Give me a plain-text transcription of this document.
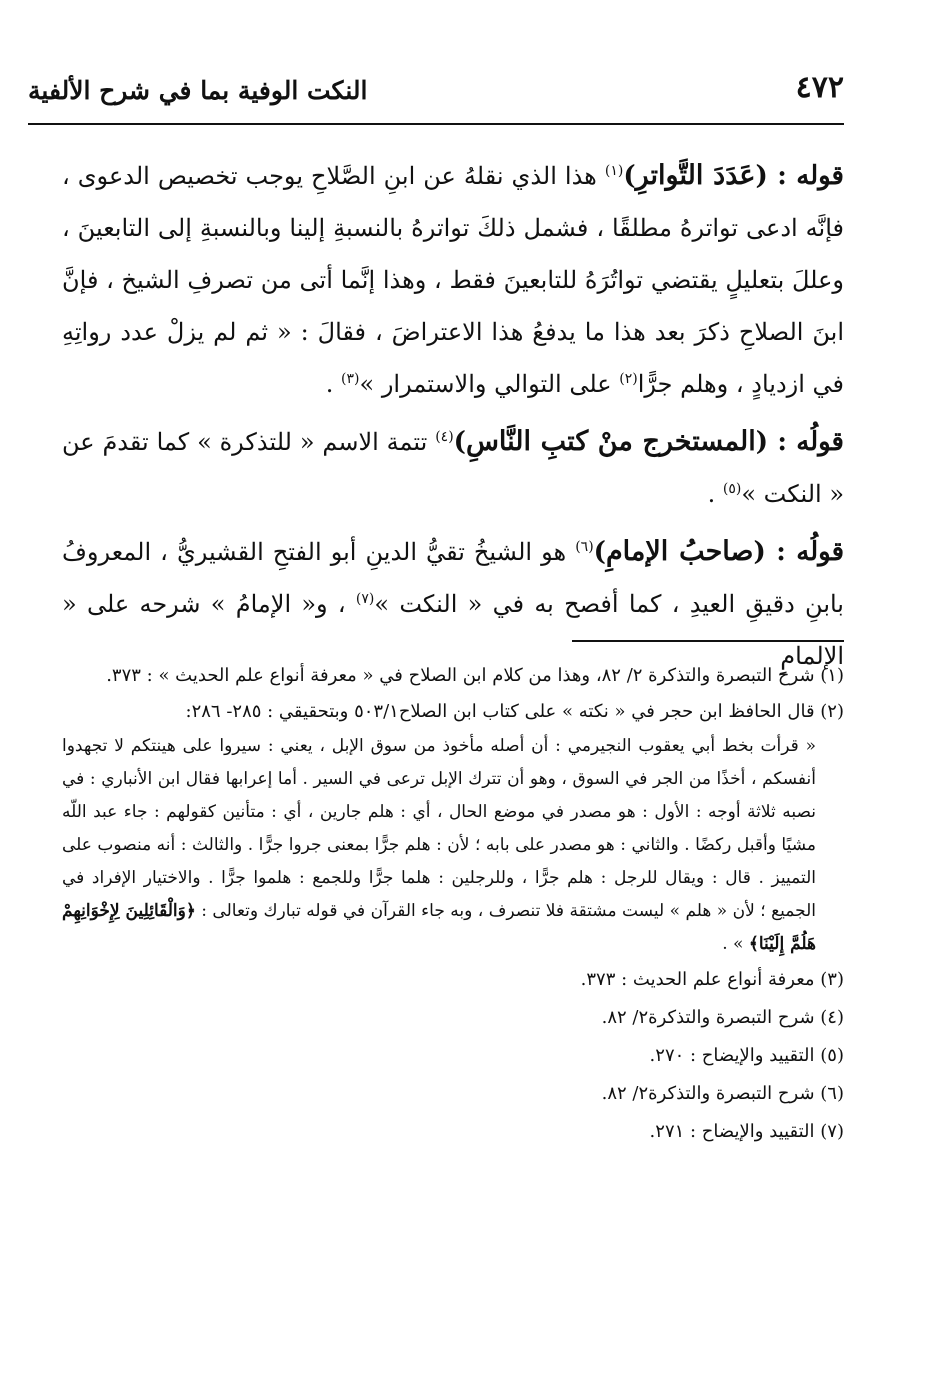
٤٧٢
النكت الوفية بما في شرح الألفية

قوله : (عَدَدَ التَّواترِ)$^{(١)}$ هذا الذي نقلهُ عن ابنِ الصَّلاحِ يوجب تخصيص الدعوى ، فإنَّه ادعى تواترهُ مطلقًا ، فشمل ذلكَ تواترهُ بالنسبةِ إلينا وبالنسبةِ إلى التابعينَ ، وعللَ بتعليلٍ يقتضي تواتُرَهُ للتابعينَ فقط ، وهذا إنَّما أتى من تصرفِ الشيخ ، فإنَّ ابنَ الصلاحِ ذكرَ بعد هذا ما يدفعُ هذا الاعتراضَ ، فقالَ : « ثم لم يزلْ عدد رواتِهِ في ازديادٍ ، وهلم جرًّا$^{(٢)}$ على التوالي والاستمرار »$^{(٣)}$ .

قولُه : (المستخرج منْ كتبِ النَّاسِ)$^{(٤)}$ تتمة الاسم « للتذكرة » كما تقدمَ عن « النكت »$^{(٥)}$ .

قولُه : (صاحبُ الإمامِ)$^{(٦)}$ هو الشيخُ تقيُّ الدينِ أبو الفتحِ القشيريُّ ، المعروفُ بابنِ دقيقِ العيدِ ، كما أفصح به في « النكت »$^{(٧)}$ ، و« الإمامُ » شرحه على « الإلمامِ

(١) شرح التبصرة والتذكرة ٢/ ٨٢، وهذا من كلام ابن الصلاح في « معرفة أنواع علم الحديث » : ٣٧٣.

(٢) قال الحافظ ابن حجر في « نكته » على كتاب ابن الصلاح٥٠٣/١ وبتحقيقي : ٢٨٥- ٢٨٦:

« قرأت بخط أبي يعقوب النجيرمي : أن أصله مأخوذ من سوق الإبل ، يعني : سيروا على هينتكم لا تجهدوا أنفسكم ، أخذًا من الجر في السوق ، وهو أن تترك الإبل ترعى في السير . أما إعرابها فقال ابن الأنباري : في نصبه ثلاثة أوجه : الأول : هو مصدر في موضع الحال ، أي : هلم جارين ، أي : متأنين كقولهم : جاء عبد اللّه مشيًا وأقبل ركضًا . والثاني : هو مصدر على بابه ؛ لأن : هلم جرًّا بمعنى جروا جرًّا . والثالث : أنه منصوب على التمييز . قال : ويقال للرجل : هلم جرًّا ، وللرجلين : هلما جرًّا وللجمع : هلموا جرًّا . والاختيار الإفراد في الجميع ؛ لأن « هلم » ليست مشتقة فلا تنصرف ، وبه جاء القرآن في قوله تبارك وتعالى : ﴿وَالْقَائِلِينَ لِإِخْوَانِهِمْ هَلُمَّ إِلَيْنَا﴾ » .

(٣) معرفة أنواع علم الحديث : ٣٧٣.

(٤) شرح التبصرة والتذكرة٢/ ٨٢.

(٥) التقييد والإيضاح : ٢٧٠.

(٦) شرح التبصرة والتذكرة٢/ ٨٢.

(٧) التقييد والإيضاح : ٢٧١.
